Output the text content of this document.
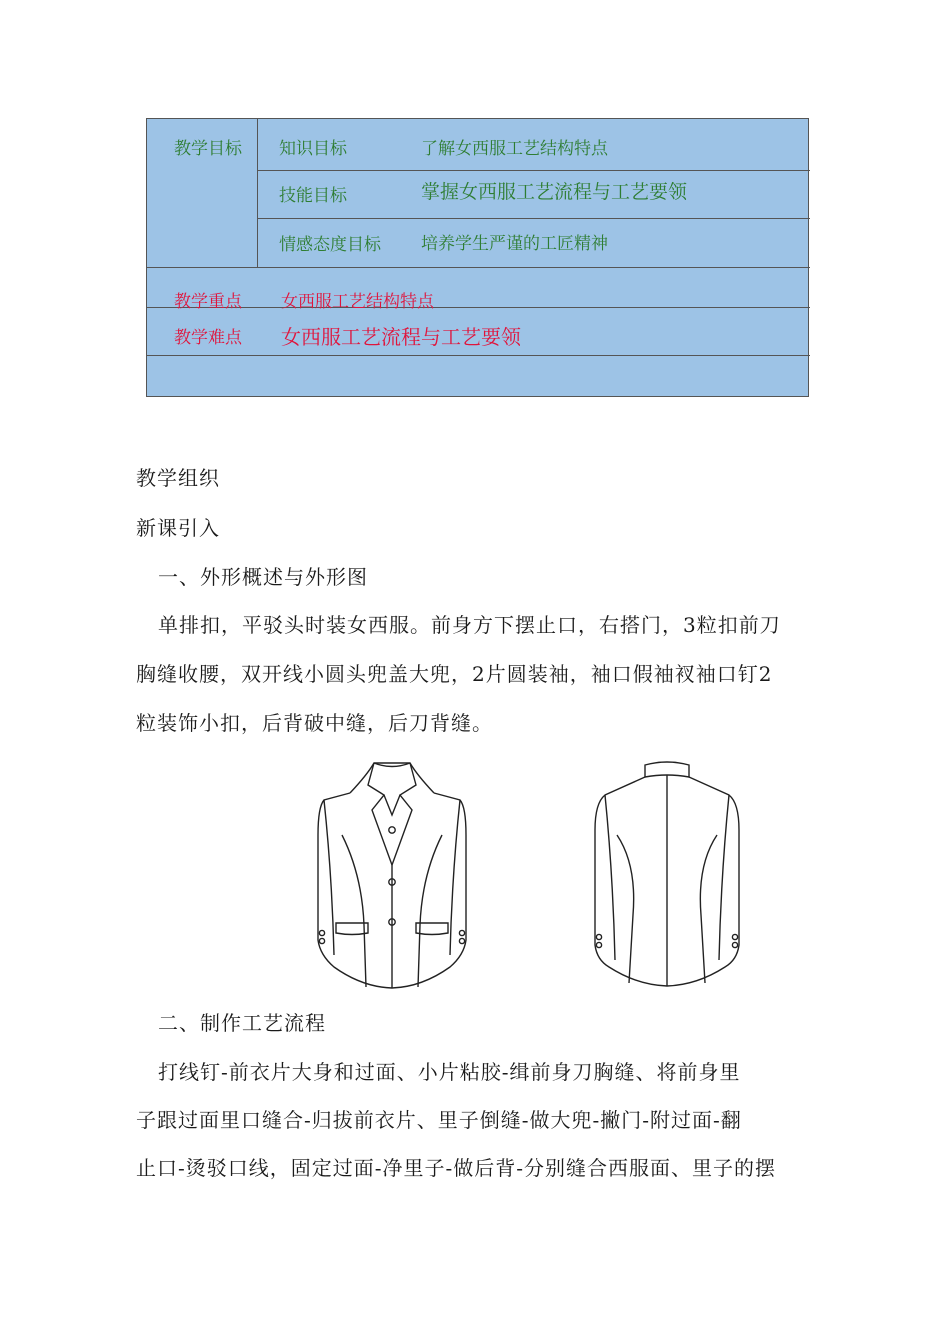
教学目标 知识目标	了解女西服工艺结构特点
技能目标	掌握女西服工艺流程与工艺要领
情感态度目标 培养学生严谨的工匠精神
教学重点 女西服工艺结构特点
教学难点 女西服工艺流程与工艺要领
教学组织
新课引入
一、外形概述与外形图
单排扣，平驳头时装女西服。前身方下摆止口，右搭门，3粒扣前刀
胸缝收腰，双开线小圆头兜盖大兜，2片圆装袖，袖口假袖衩袖口钉2
粒装饰小扣，后背破中缝，后刀背缝。
二、制作工艺流程
打线钉-前衣片大身和过面、小片粘胶-缉前身刀胸缝、将前身里
子跟过面里口缝合-归拔前衣片、里子倒缝-做大兜-撇门-附过面-翻
止口-烫驳口线，固定过面-净里子-做后背-分别缝合西服面、里子的摆
